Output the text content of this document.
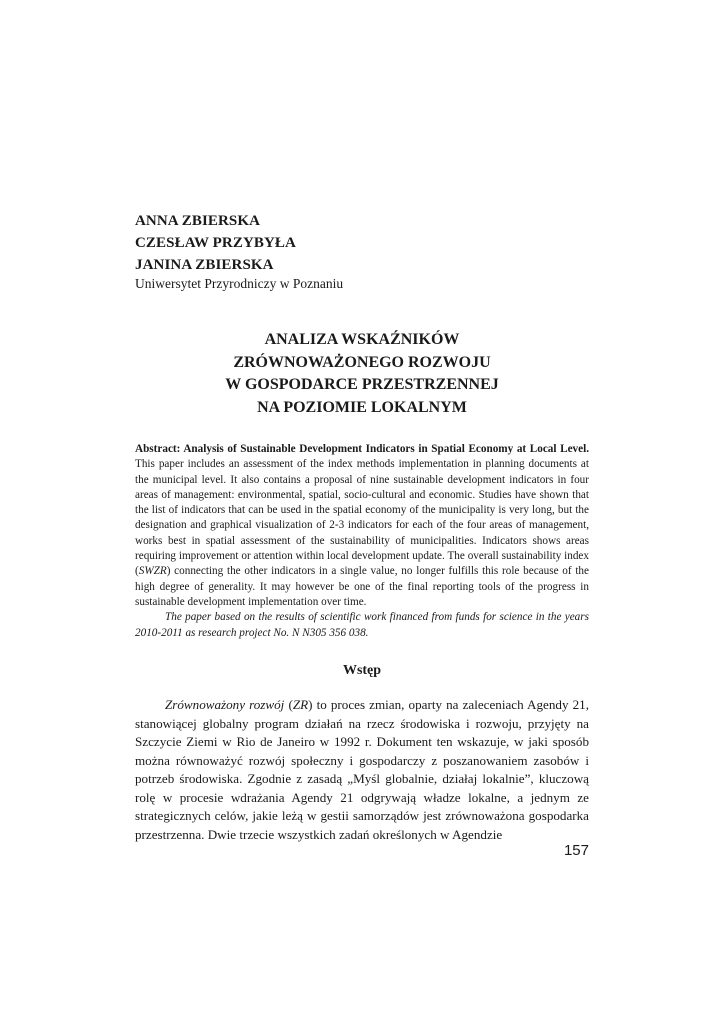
ANNA ZBIERSKA
CZESŁAW PRZYBYŁA
JANINA ZBIERSKA
Uniwersytet Przyrodniczy w Poznaniu
ANALIZA WSKAŹNIKÓW
ZRÓWNOWAŻONEGO ROZWOJU
W GOSPODARCE PRZESTRZENNEJ
NA POZIOMIE LOKALNYM

Abstract: Analysis of Sustainable Development Indicators in Spatial Economy at Local Level. This paper includes an assessment of the index methods implementation in planning documents at the municipal level. It also contains a proposal of nine sustainable development indicators in four areas of management: environmental, spatial, socio-cultural and economic. Studies have shown that the list of indicators that can be used in the spatial economy of the municipality is very long, but the designation and graphical visualization of 2-3 indicators for each of the four areas of management, works best in spatial assessment of the sustainability of municipalities. Indicators shows areas requiring improvement or attention within local development update. The overall sustainability index (SWZR) connecting the other indicators in a single value, no longer fulfills this role because of the high degree of generality. It may however be one of the final reporting tools of the progress in sustainable development implementation over time.

The paper based on the results of scientific work financed from funds for science in the years 2010-2011 as research project No. N N305 356 038.

Wstęp

Zrównoważony rozwój (ZR) to proces zmian, oparty na zaleceniach Agendy 21, stanowiącej globalny program działań na rzecz środowiska i rozwoju, przyjęty na Szczycie Ziemi w Rio de Janeiro w 1992 r. Dokument ten wskazuje, w jaki sposób można równoważyć rozwój społeczny i gospodarczy z poszanowaniem zasobów i potrzeb środowiska. Zgodnie z zasadą „Myśl globalnie, działaj lokalnie”, kluczową rolę w procesie wdrażania Agendy 21 odgrywają władze lokalne, a jednym ze strategicznych celów, jakie leżą w gestii samorządów jest zrównoważona gospodarka przestrzenna. Dwie trzecie wszystkich zadań określonych w Agendzie

157
